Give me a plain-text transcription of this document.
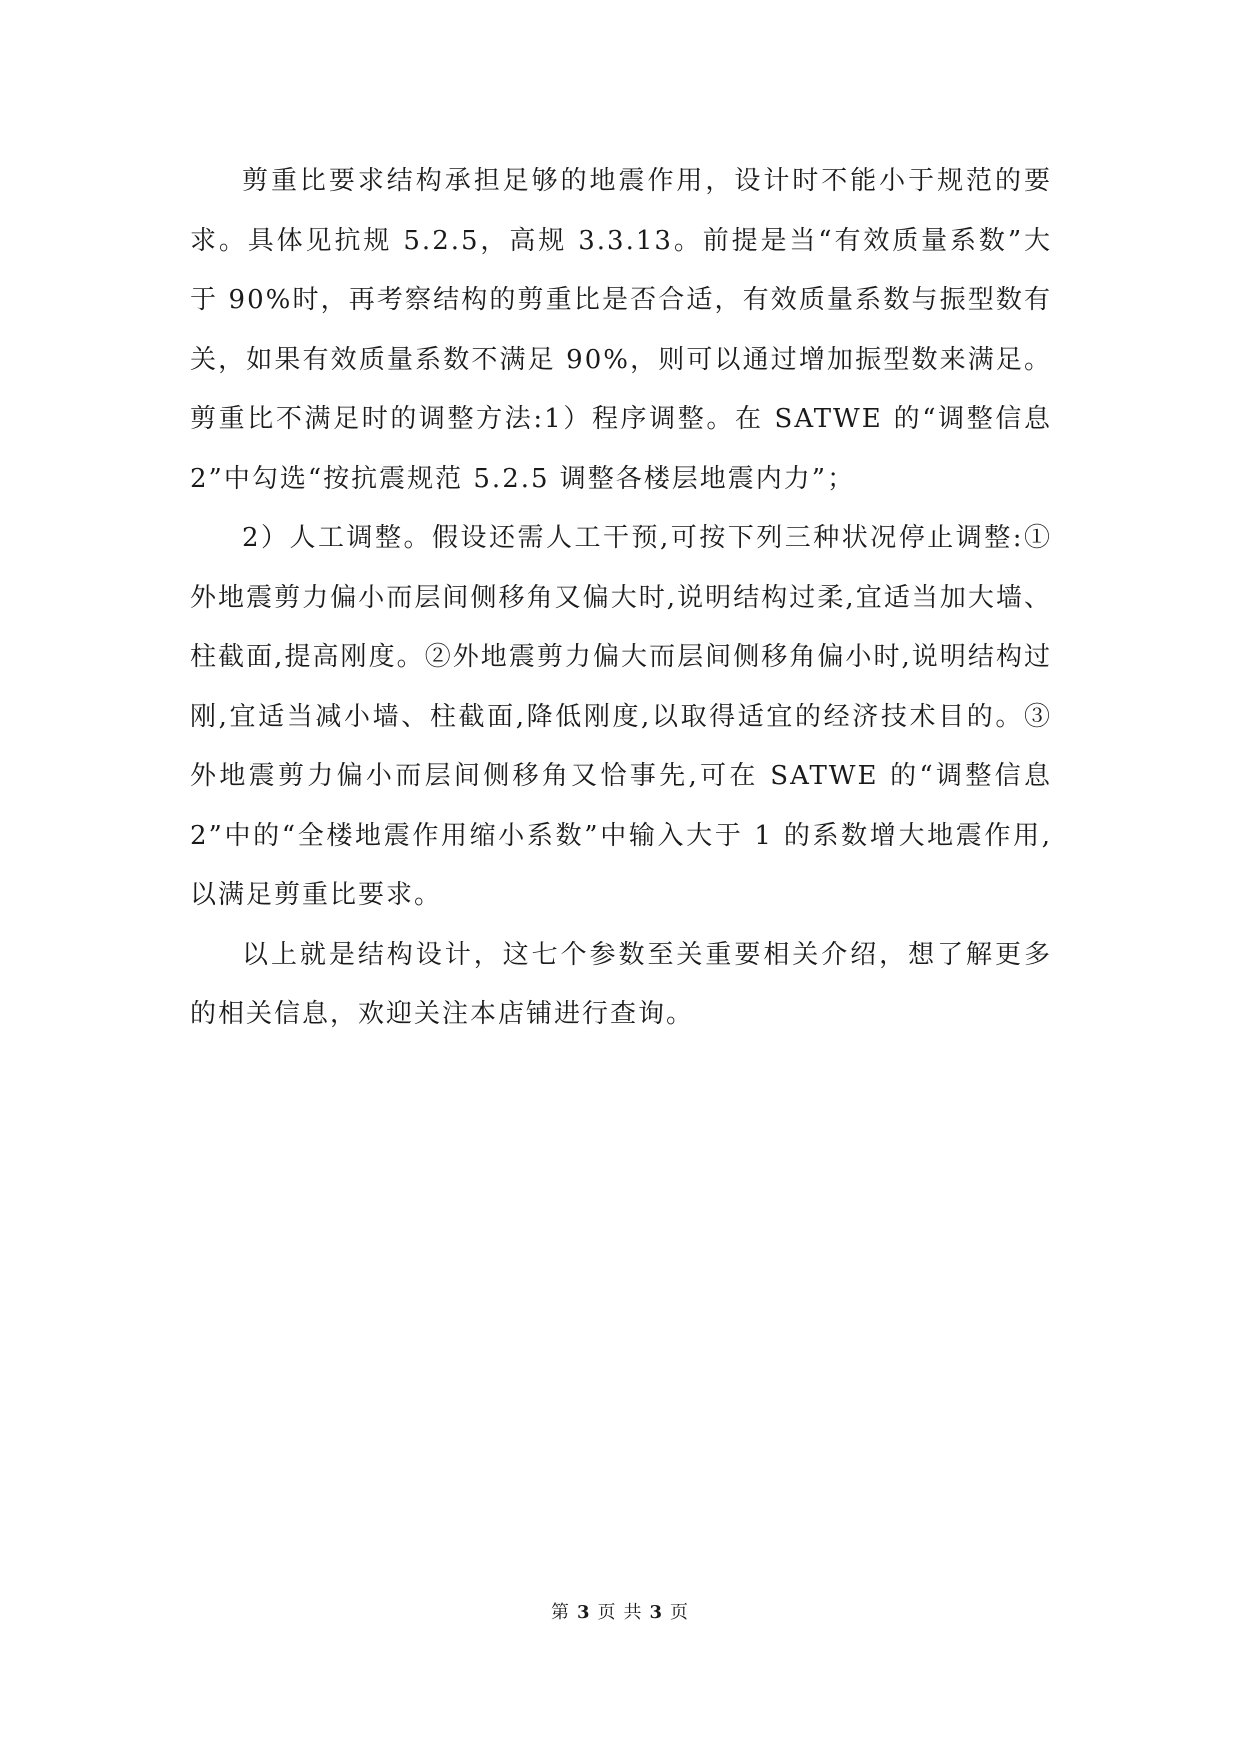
剪重比要求结构承担足够的地震作用，设计时不能小于规范的要求。具体见抗规 5.2.5，高规 3.3.13。前提是当“有效质量系数”大于 90%时，再考察结构的剪重比是否合适，有效质量系数与振型数有关，如果有效质量系数不满足 90%，则可以通过增加振型数来满足。剪重比不满足时的调整方法:1）程序调整。在 SATWE 的“调整信息 2”中勾选“按抗震规范 5.2.5 调整各楼层地震内力”；

2）人工调整。假设还需人工干预,可按下列三种状况停止调整:①外地震剪力偏小而层间侧移角又偏大时,说明结构过柔,宜适当加大墙、柱截面,提高刚度。②外地震剪力偏大而层间侧移角偏小时,说明结构过刚,宜适当减小墙、柱截面,降低刚度,以取得适宜的经济技术目的。③外地震剪力偏小而层间侧移角又恰事先,可在 SATWE 的“调整信息 2”中的“全楼地震作用缩小系数”中输入大于 1 的系数增大地震作用,以满足剪重比要求。

以上就是结构设计，这七个参数至关重要相关介绍，想了解更多的相关信息，欢迎关注本店铺进行查询。

第 3 页 共 3 页
